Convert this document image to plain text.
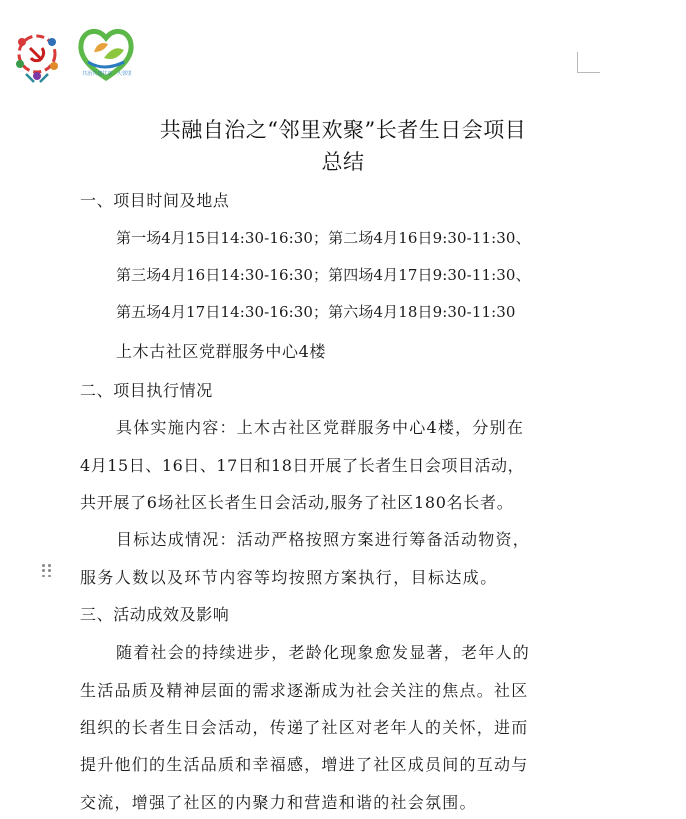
共治共建共享 · 大邻里
共融自治之“邻里欢聚”长者生日会项目
总结
一、项目时间及地点
第一场4月15日14:30-16:30；第二场4月16日9:30-11:30、
第三场4月16日14:30-16:30；第四场4月17日9:30-11:30、
第五场4月17日14:30-16:30；第六场4月18日9:30-11:30
上木古社区党群服务中心4楼
二、项目执行情况
具体实施内容：上木古社区党群服务中心4楼，分别在
4月15日、16日、17日和18日开展了长者生日会项目活动，
共开展了6场社区长者生日会活动,服务了社区180名长者。
目标达成情况：活动严格按照方案进行筹备活动物资，
服务人数以及环节内容等均按照方案执行，目标达成。
三、活动成效及影响
随着社会的持续进步，老龄化现象愈发显著，老年人的
生活品质及精神层面的需求逐渐成为社会关注的焦点。社区
组织的长者生日会活动，传递了社区对老年人的关怀，进而
提升他们的生活品质和幸福感，增进了社区成员间的互动与
交流，增强了社区的内聚力和营造和谐的社会氛围。
